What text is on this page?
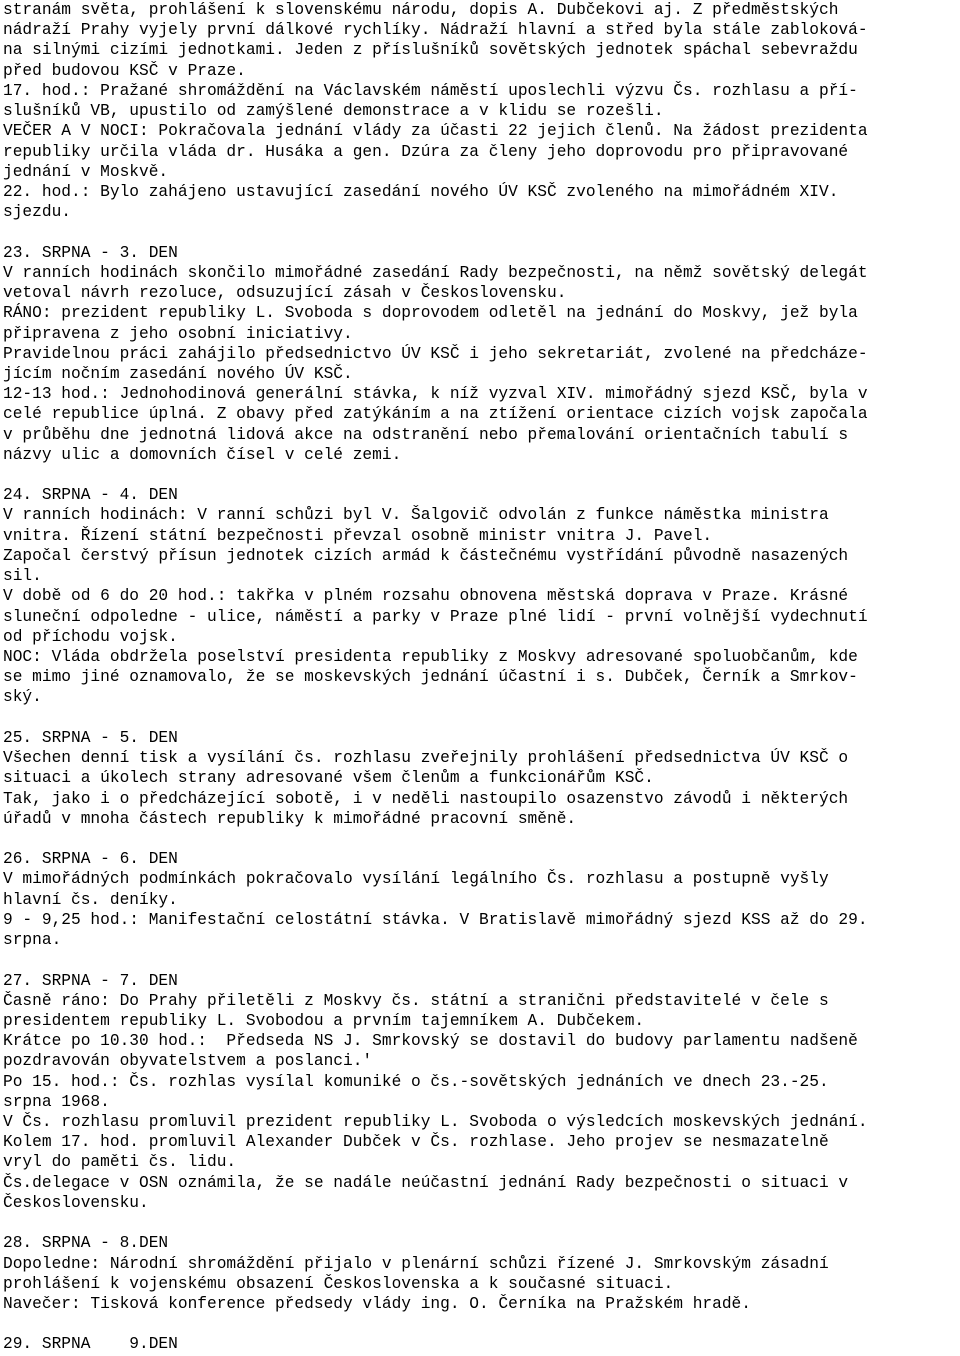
stranám světa, prohlášení k slovenskému národu, dopis A. Dubčekovi aj. Z předměstských
nádraží Prahy vyjely první dálkové rychlíky. Nádraží hlavní a střed byla stále zabloková-
na silnými cizími jednotkami. Jeden z příslušníků sovětských jednotek spáchal sebevraždu
před budovou KSČ v Praze.
17. hod.: Pražané shromáždění na Václavském náměstí uposlechli výzvu Čs. rozhlasu a pří-
slušníků VB, upustilo od zamýšlené demonstrace a v klidu se rozešli.
VEČER A V NOCI: Pokračovala jednání vlády za účasti 22 jejich členů. Na žádost prezidenta
republiky určila vláda dr. Husáka a gen. Dzúra za členy jeho doprovodu pro připravované
jednání v Moskvě.
22. hod.: Bylo zahájeno ustavující zasedání nového ÚV KSČ zvoleného na mimořádném XIV.
sjezdu.
23. SRPNA - 3. DEN
V ranních hodinách skončilo mimořádné zasedání Rady bezpečnosti, na němž sovětský delegát
vetoval návrh rezoluce, odsuzující zásah v Československu.
RÁNO: prezident republiky L. Svoboda s doprovodem odletěl na jednání do Moskvy, jež byla
připravena z jeho osobní iniciativy.
Pravidelnou práci zahájilo předsednictvo ÚV KSČ i jeho sekretariát, zvolené na předcháze-
jícím nočním zasedání nového ÚV KSČ.
12-13 hod.: Jednohodinová generální stávka, k níž vyzval XIV. mimořádný sjezd KSČ, byla v
celé republice úplná. Z obavy před zatýkáním a na ztížení orientace cizích vojsk započala
v průběhu dne jednotná lidová akce na odstranění nebo přemalování orientačních tabulí s
názvy ulic a domovních čísel v celé zemi.
24. SRPNA - 4. DEN
V ranních hodinách: V ranní schůzi byl V. Šalgovič odvolán z funkce náměstka ministra
vnitra. Řízení státní bezpečnosti převzal osobně ministr vnitra J. Pavel.
Započal čerstvý přísun jednotek cizích armád k částečnému vystřídání původně nasazených
sil.
V době od 6 do 20 hod.: takřka v plném rozsahu obnovena městská doprava v Praze. Krásné
sluneční odpoledne - ulice, náměstí a parky v Praze plné lidí - první volnější vydechnutí
od příchodu vojsk.
NOC: Vláda obdržela poselství presidenta republiky z Moskvy adresované spoluobčanům, kde
se mimo jiné oznamovalo, že se moskevských jednání účastní i s. Dubček, Černík a Smrkov-
ský.
25. SRPNA - 5. DEN
Všechen denní tisk a vysílání čs. rozhlasu zveřejnily prohlášení předsednictva ÚV KSČ o
situaci a úkolech strany adresované všem členům a funkcionářům KSČ.
Tak, jako i o předcházející sobotě, i v neděli nastoupilo osazenstvo závodů i některých
úřadů v mnoha částech republiky k mimořádné pracovní směně.
26. SRPNA - 6. DEN
V mimořádných podmínkách pokračovalo vysílání legálního Čs. rozhlasu a postupně vyšly
hlavní čs. deníky.
9 - 9,25 hod.: Manifestační celostátní stávka. V Bratislavě mimořádný sjezd KSS až do 29.
srpna.
27. SRPNA - 7. DEN
Časně ráno: Do Prahy přiletěli z Moskvy čs. státní a stranični představitelé v čele s
presidentem republiky L. Svobodou a prvním tajemníkem A. Dubčekem.
Krátce po 10.30 hod.:  Předseda NS J. Smrkovský se dostavil do budovy parlamentu nadšeně
pozdravován obyvatelstvem a poslanci.'
Po 15. hod.: Čs. rozhlas vysílal komuniké o čs.-sovětských jednáních ve dnech 23.-25.
srpna 1968.
V Čs. rozhlasu promluvil prezident republiky L. Svoboda o výsledcích moskevských jednání.
Kolem 17. hod. promluvil Alexander Dubček v Čs. rozhlase. Jeho projev se nesmazatelně
vryl do paměti čs. lidu.
Čs.delegace v OSN oznámila, že se nadále neúčastní jednání Rady bezpečnosti o situaci v
Československu.
28. SRPNA - 8.DEN
Dopoledne: Národní shromáždění přijalo v plenární schůzi řízené J. Smrkovským zásadní
prohlášení k vojenskému obsazení Československa a k současné situaci.
Navečer: Tisková konference předsedy vlády ing. O. Černíka na Pražském hradě.
29. SRPNA    9.DEN
